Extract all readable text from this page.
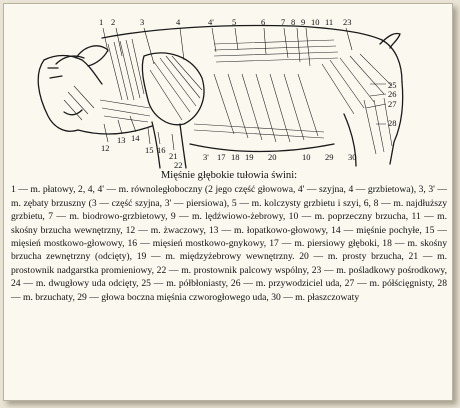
1 2	3	4	4' 5	6 7 8 9 10 11 23
25
26
27
28
12
13 14
15 16
21
22
3' 17 18 19 20	10 29 30
Mięśnie głębokie tułowia świni:
1 — m. płatowy, 2, 4, 4' — m. równoległoboczny (2 jego część głowowa, 4' — szyjna, 4 — grzbietowa), 3, 3' — m. zębaty brzuszny (3 — część szyjna, 3' — piersiowa), 5 — m. kolczysty grzbietu i szyi, 6, 8 — m. najdłuższy grzbietu, 7 — m. biodrowo-grzbietowy, 9 — m. lędźwiowo-żebrowy, 10 — m. poprzeczny brzucha, 11 — m. skośny brzucha wewnętrzny, 12 — m. żwaczowy, 13 — m. łopatkowo-głowowy, 14 — mięśnie pochyłe, 15 — mięsień mostkowo-głowowy, 16 — mięsień mostkowo-gnykowy, 17 — m. piersiowy głęboki, 18 — m. skośny brzucha zewnętrzny (odcięty), 19 — m. międzyżebrowy wewnętrzny. 20 — m. prosty brzucha, 21 — m. prostownik nadgarstka promieniowy, 22 — m. prostownik palcowy wspólny, 23 — m. pośladkowy pośrodkowy, 24 — m. dwugłowy uda odcięty, 25 — m. półbłoniasty, 26 — m. przywodziciel uda, 27 — m. półścięgnisty, 28 — m. brzuchaty, 29 — głowa boczna mięśnia czworogłowego uda, 30 — m. płaszczowaty
